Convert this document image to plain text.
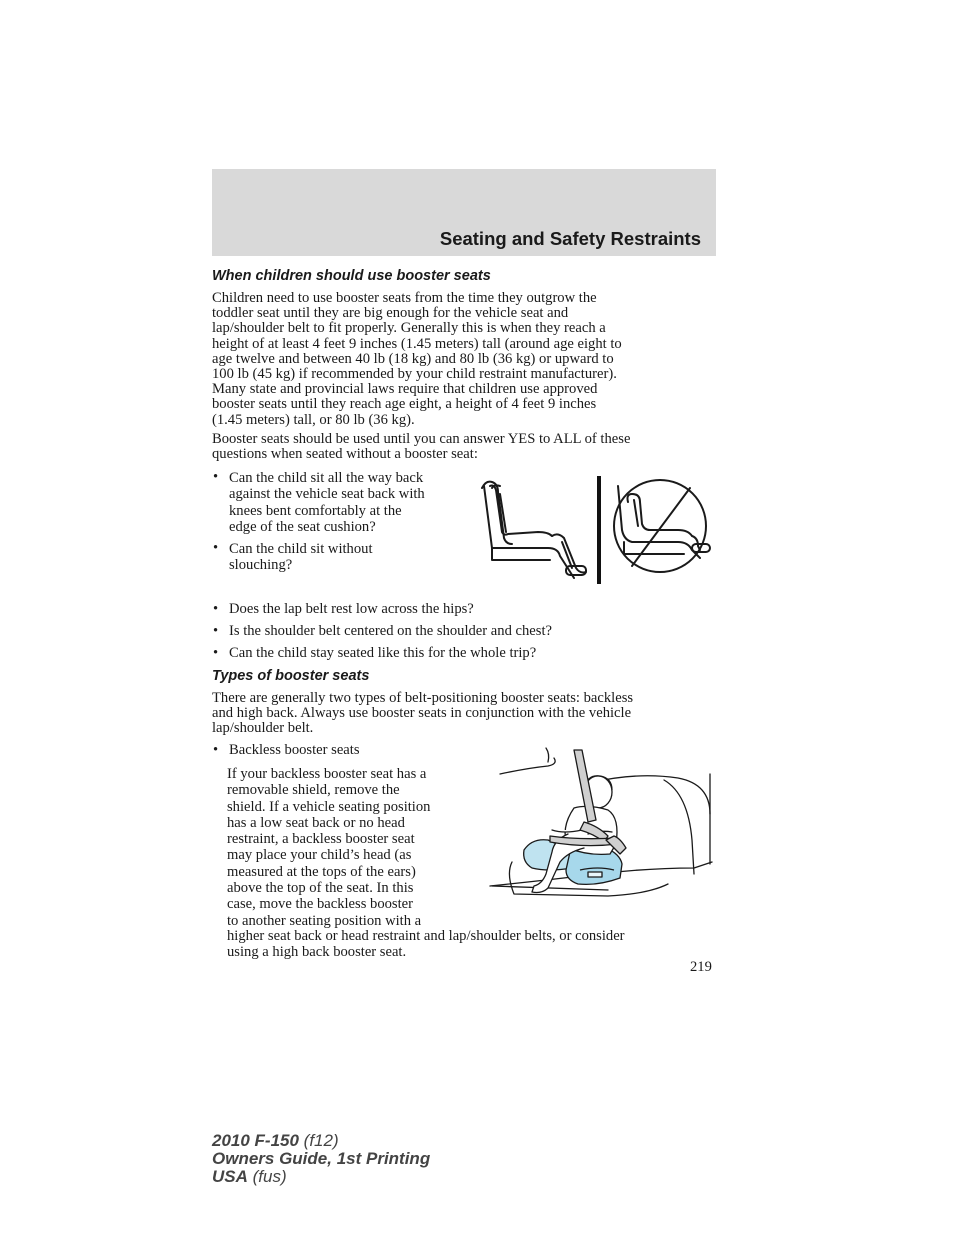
Seating and Safety Restraints
When children should use booster seats
Children need to use booster seats from the time they outgrow the
toddler seat until they are big enough for the vehicle seat and
lap/shoulder belt to fit properly. Generally this is when they reach a
height of at least 4 feet 9 inches (1.45 meters) tall (around age eight to
age twelve and between 40 lb (18 kg) and 80 lb (36 kg) or upward to
100 lb (45 kg) if recommended by your child restraint manufacturer).
Many state and provincial laws require that children use approved
booster seats until they reach age eight, a height of 4 feet 9 inches
(1.45 meters) tall, or 80 lb (36 kg).
Booster seats should be used until you can answer YES to ALL of these
questions when seated without a booster seat:
• Can the child sit all the way back
against the vehicle seat back with
knees bent comfortably at the
edge of the seat cushion?
• Can the child sit without
slouching?
• Does the lap belt rest low across the hips?
• Is the shoulder belt centered on the shoulder and chest?
• Can the child stay seated like this for the whole trip?
Types of booster seats
There are generally two types of belt-positioning booster seats: backless
and high back. Always use booster seats in conjunction with the vehicle
lap/shoulder belt.
• Backless booster seats
If your backless booster seat has a
removable shield, remove the
shield. If a vehicle seating position
has a low seat back or no head
restraint, a backless booster seat
may place your child’s head (as
measured at the tops of the ears)
above the top of the seat. In this
case, move the backless booster
to another seating position with a
higher seat back or head restraint and lap/shoulder belts, or consider
using a high back booster seat.
219
2010 F-150 (f12)
Owners Guide, 1st Printing
USA (fus)
